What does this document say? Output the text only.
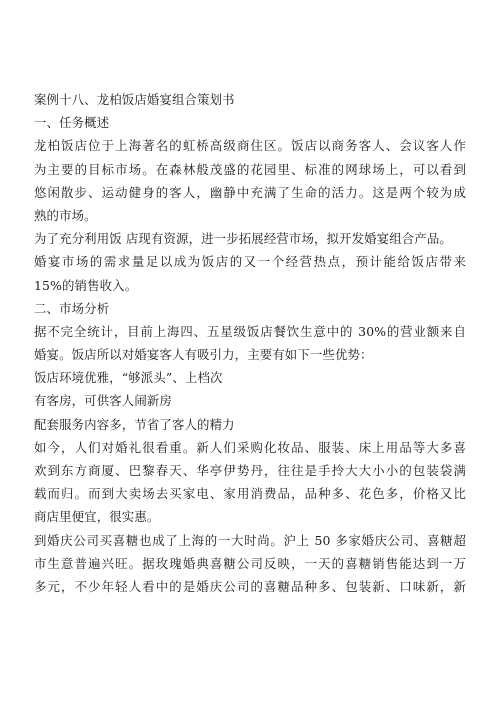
案例十八、龙柏饭店婚宴组合策划书
一、任务概述
龙柏饭店位于上海著名的虹桥高级商住区。饭店以商务客人、会议客人作
为主要的目标市场。在森林般茂盛的花园里、标准的网球场上，可以看到
悠闲散步、运动健身的客人，幽静中充满了生命的活力。这是两个较为成
熟的市场。
为了充分利用饭 店现有资源，进一步拓展经营市场，拟开发婚宴组合产品。
婚宴市场的需求量足以成为饭店的又一个经营热点，预计能给饭店带来
15%的销售收入。
二、市场分析
据不完全统计，目前上海四、五星级饭店餐饮生意中的 30%的营业额来自
婚宴。饭店所以对婚宴客人有吸引力，主要有如下一些优势：
饭店环境优雅，“够派头”、上档次
有客房，可供客人闹新房
配套服务内容多，节省了客人的精力
如今，人们对婚礼很看重。新人们采购化妆品、服装、床上用品等大多喜
欢到东方商厦、巴黎春天、华亭伊势丹，往往是手拎大大小小的包装袋满
载而归。而到大卖场去买家电、家用消费品，品种多、花色多，价格又比
商店里便宜，很实惠。
到婚庆公司买喜糖也成了上海的一大时尚。沪上 50 多家婚庆公司、喜糖超
市生意普遍兴旺。据玫瑰婚典喜糖公司反映，一天的喜糖销售能达到一万
多元，不少年轻人看中的是婚庆公司的喜糖品种多、包装新、口味新，新
